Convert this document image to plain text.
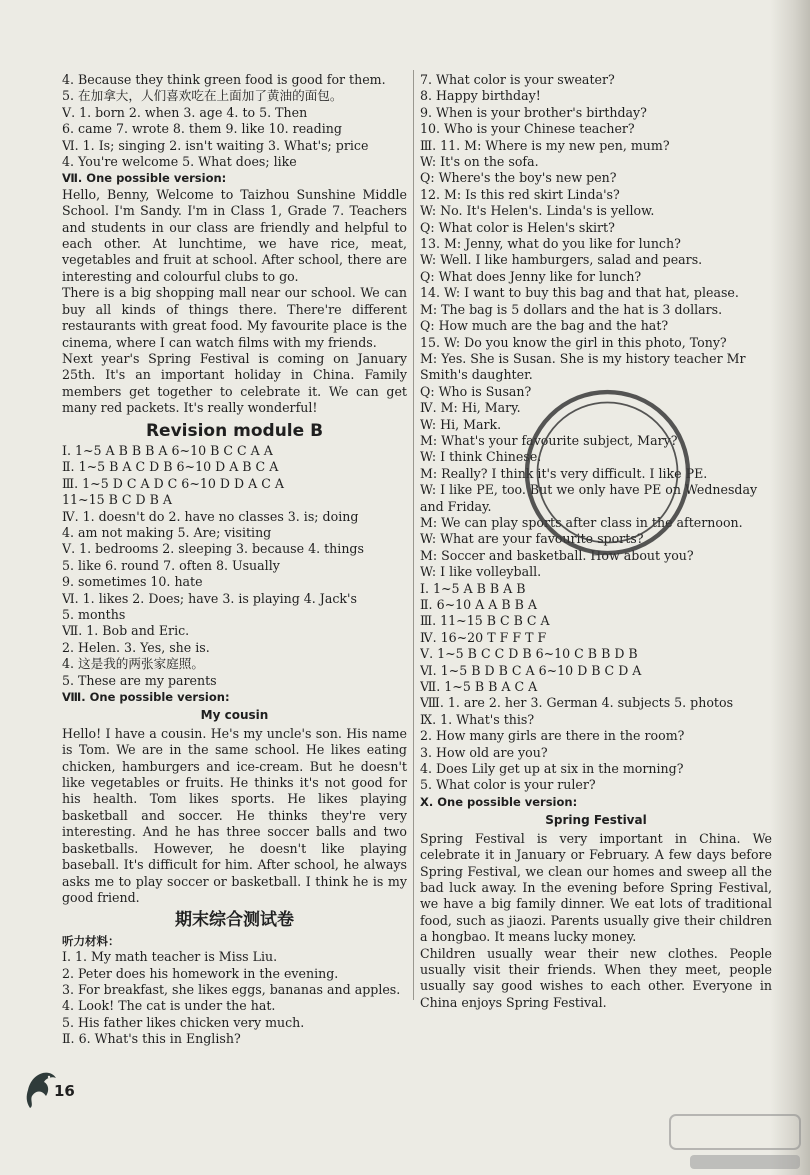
4. Because they think green food is good for them.
5. 在加拿大，人们喜欢吃在上面加了黄油的面包。
Ⅴ. 1. born 2. when 3. age 4. to 5. Then
6. came 7. wrote 8. them 9. like 10. reading
Ⅵ. 1. Is; singing 2. isn't waiting 3. What's; price
4. You're welcome 5. What does; like
Ⅶ. One possible version:
Hello, Benny, Welcome to Taizhou Sunshine Middle School. I'm Sandy. I'm in Class 1, Grade 7. Teachers and students in our class are friendly and helpful to each other. At lunchtime, we have rice, meat, vegetables and fruit at school. After school, there are interesting and colourful clubs to go.
There is a big shopping mall near our school. We can buy all kinds of things there. There're different restaurants with great food. My favourite place is the cinema, where I can watch films with my friends.
Next year's Spring Festival is coming on January 25th. It's an important holiday in China. Family members get together to celebrate it. We can get many red packets. It's really wonderful!
Revision module B
Ⅰ. 1~5 A B B B A 6~10 B C C A A
Ⅱ. 1~5 B A C D B 6~10 D A B C A
Ⅲ. 1~5 D C A D C 6~10 D D A C A
11~15 B C D B A
Ⅳ. 1. doesn't do 2. have no classes 3. is; doing
4. am not making 5. Are; visiting
Ⅴ. 1. bedrooms 2. sleeping 3. because 4. things
5. like 6. round 7. often 8. Usually
9. sometimes 10. hate
Ⅵ. 1. likes 2. Does; have 3. is playing 4. Jack's
5. months
Ⅶ. 1. Bob and Eric.
2. Helen. 3. Yes, she is.
4. 这是我的两张家庭照。
5. These are my parents
Ⅷ. One possible version:
My cousin
Hello! I have a cousin. He's my uncle's son. His name is Tom. We are in the same school. He likes eating chicken, hamburgers and ice-cream. But he doesn't like vegetables or fruits. He thinks it's not good for his health. Tom likes sports. He likes playing basketball and soccer. He thinks they're very interesting. And he has three soccer balls and two basketballs. However, he doesn't like playing baseball. It's difficult for him. After school, he always asks me to play soccer or basketball. I think he is my good friend.
期末综合测试卷
听力材料：
Ⅰ. 1. My math teacher is Miss Liu.
2. Peter does his homework in the evening.
3. For breakfast, she likes eggs, bananas and apples.
4. Look! The cat is under the hat.
5. His father likes chicken very much.
Ⅱ. 6. What's this in English?
7. What color is your sweater?
8. Happy birthday!
9. When is your brother's birthday?
10. Who is your Chinese teacher?
Ⅲ. 11. M: Where is my new pen, mum?
W: It's on the sofa.
Q: Where's the boy's new pen?
12. M: Is this red skirt Linda's?
W: No. It's Helen's. Linda's is yellow.
Q: What color is Helen's skirt?
13. M: Jenny, what do you like for lunch?
W: Well. I like hamburgers, salad and pears.
Q: What does Jenny like for lunch?
14. W: I want to buy this bag and that hat, please.
M: The bag is 5 dollars and the hat is 3 dollars.
Q: How much are the bag and the hat?
15. W: Do you know the girl in this photo, Tony?
M: Yes. She is Susan. She is my history teacher Mr
Smith's daughter.
Q: Who is Susan?
Ⅳ. M: Hi, Mary.
W: Hi, Mark.
M: What's your favourite subject, Mary?
W: I think Chinese.
M: Really? I think it's very difficult. I like PE.
W: I like PE, too. But we only have PE on Wednesday
and Friday.
M: We can play sports after class in the afternoon.
W: What are your favourite sports?
M: Soccer and basketball. How about you?
W: I like volleyball.
Ⅰ. 1~5 A B B A B
Ⅱ. 6~10 A A B B A
Ⅲ. 11~15 B C B C A
Ⅳ. 16~20 T F F T F
Ⅴ. 1~5 B C C D B 6~10 C B B D B
Ⅵ. 1~5 B D B C A 6~10 D B C D A
Ⅶ. 1~5 B B A C A
Ⅷ. 1. are 2. her 3. German 4. subjects 5. photos
Ⅸ. 1. What's this?
2. How many girls are there in the room?
3. How old are you?
4. Does Lily get up at six in the morning?
5. What color is your ruler?
Ⅹ. One possible version:
Spring Festival
Spring Festival is very important in China. We celebrate it in January or February. A few days before Spring Festival, we clean our homes and sweep all the bad luck away. In the evening before Spring Festival, we have a big family dinner. We eat lots of traditional food, such as jiaozi. Parents usually give their children a hongbao. It means lucky money.
Children usually wear their new clothes. People usually visit their friends. When they meet, people usually say good wishes to each other. Everyone in China enjoys Spring Festival.
16
